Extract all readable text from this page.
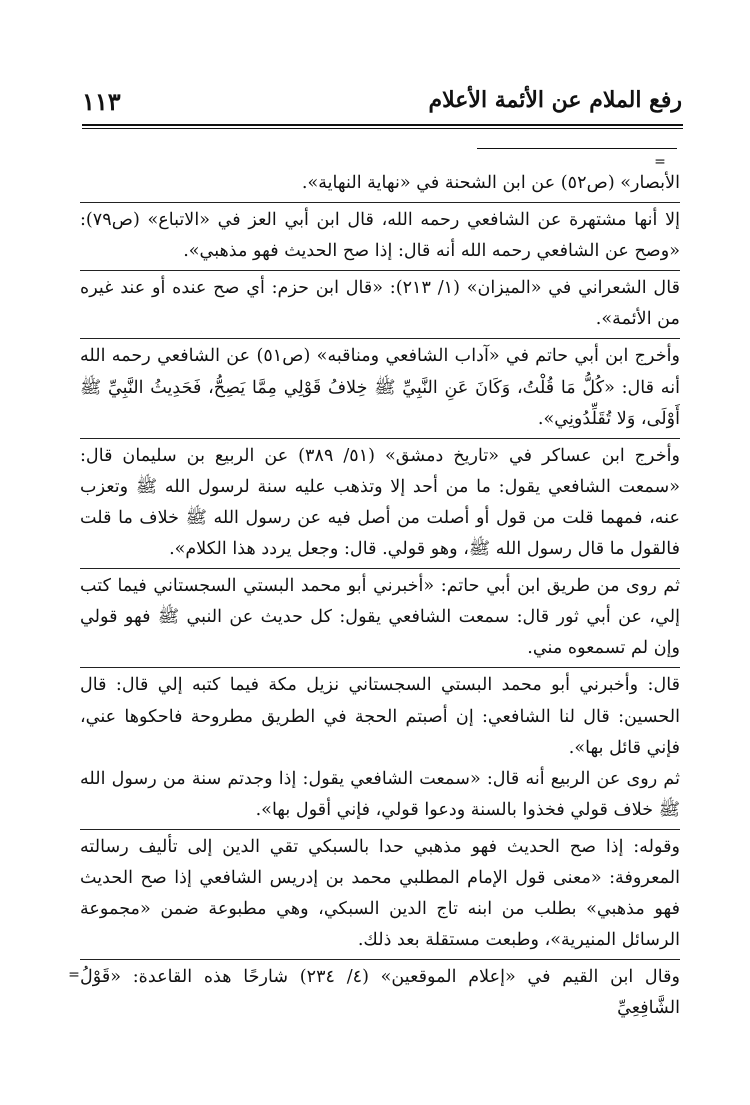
رفع الملام عن الأئمة الأعلام
١١٣
=

الأبصار» (ص٥٢) عن ابن الشحنة في «نهاية النهاية».

إلا أنها مشتهرة عن الشافعي رحمه الله، قال ابن أبي العز في «الاتباع» (ص٧٩): «وصح عن الشافعي رحمه الله أنه قال: إذا صح الحديث فهو مذهبي».

قال الشعراني في «الميزان» (١/ ٢١٣): «قال ابن حزم: أي صح عنده أو عند غيره من الأئمة».

وأخرج ابن أبي حاتم في «آداب الشافعي ومناقبه» (ص٥١) عن الشافعي رحمه الله أنه قال: «كُلُّ مَا قُلْتُ، وَكَانَ عَنِ النَّبِيِّ ﷺ خِلافُ قَوْلِي مِمَّا يَصِحُّ، فَحَدِيثُ النَّبِيِّ ﷺ أَوْلَى، وَلا تُقَلِّدُونِي».

وأخرج ابن عساكر في «تاريخ دمشق» (٥١/ ٣٨٩) عن الربيع بن سليمان قال: «سمعت الشافعي يقول: ما من أحد إلا وتذهب عليه سنة لرسول الله ﷺ وتعزب عنه، فمهما قلت من قول أو أصلت من أصل فيه عن رسول الله ﷺ خلاف ما قلت فالقول ما قال رسول الله ﷺ، وهو قولي. قال: وجعل يردد هذا الكلام».

ثم روى من طريق ابن أبي حاتم: «أخبرني أبو محمد البستي السجستاني فيما كتب إلي، عن أبي ثور قال: سمعت الشافعي يقول: كل حديث عن النبي ﷺ فهو قولي وإن لم تسمعوه مني.

قال: وأخبرني أبو محمد البستي السجستاني نزيل مكة فيما كتبه إلي قال: قال الحسين: قال لنا الشافعي: إن أصبتم الحجة في الطريق مطروحة فاحكوها عني، فإني قائل بها».

ثم روى عن الربيع أنه قال: «سمعت الشافعي يقول: إذا وجدتم سنة من رسول الله ﷺ خلاف قولي فخذوا بالسنة ودعوا قولي، فإني أقول بها».

وقوله: إذا صح الحديث فهو مذهبي حدا بالسبكي تقي الدين إلى تأليف رسالته المعروفة: «معنى قول الإمام المطلبي محمد بن إدريس الشافعي إذا صح الحديث فهو مذهبي» بطلب من ابنه تاج الدين السبكي، وهي مطبوعة ضمن «مجموعة الرسائل المنيرية»، وطبعت مستقلة بعد ذلك.

وقال ابن القيم في «إعلام الموقعين» (٤/ ٢٣٤) شارحًا هذه القاعدة: «قَوْلُ الشَّافِعِيِّ

=
